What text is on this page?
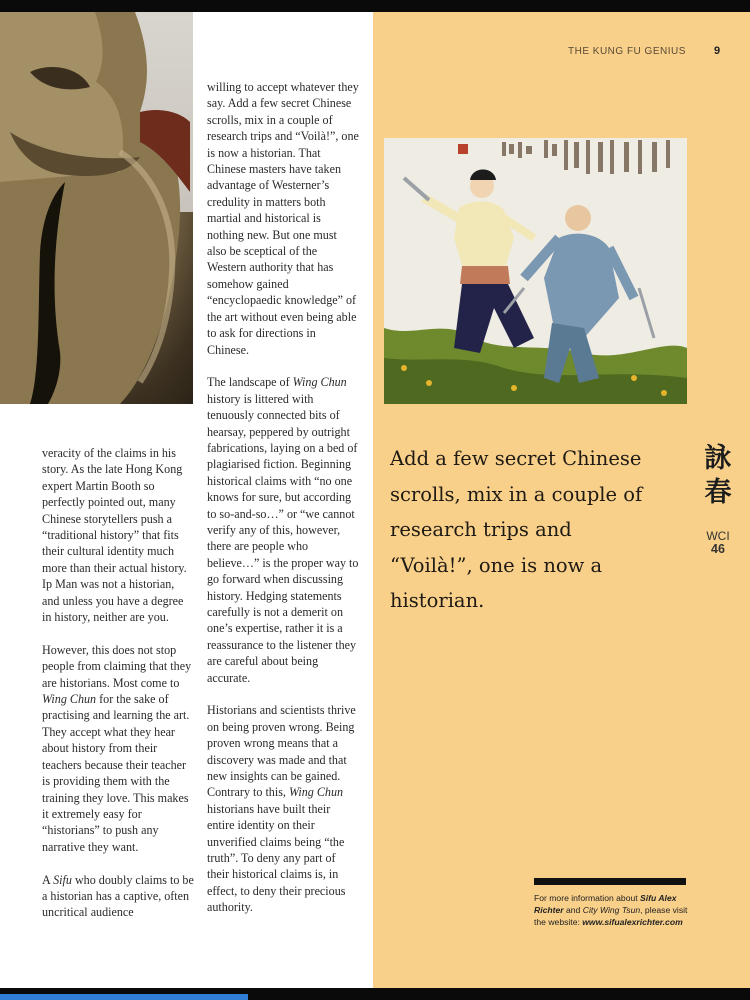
veracity of the claims in his story. As the late Hong Kong expert Martin Booth so perfectly pointed out, many Chinese storytellers push a “traditional history” that fits their cultural identity much more than their actual history. Ip Man was not a historian, and unless you have a degree in history, neither are you.

However, this does not stop people from claiming that they are historians. Most come to Wing Chun for the sake of practising and learning the art. They accept what they hear about history from their teachers because their teacher is providing them with the training they love. This makes it extremely easy for “historians” to push any narrative they want.

A Sifu who doubly claims to be a historian has a captive, often uncritical audience

willing to accept whatever they say. Add a few secret Chinese scrolls, mix in a couple of research trips and “Voilà!”, one is now a historian. That Chinese masters have taken advantage of Westerner’s credulity in matters both martial and historical is nothing new. But one must also be sceptical of the Western authority that has somehow gained “encyclopaedic knowledge” of the art without even being able to ask for directions in Chinese.

The landscape of Wing Chun history is littered with tenuously connected bits of hearsay, peppered by outright fabrications, laying on a bed of plagiarised fiction. Beginning historical claims with “no one knows for sure, but according to so-and-so…” or “we cannot verify any of this, however, there are people who believe…” is the proper way to go forward when discussing history. Hedging statements carefully is not a demerit on one’s expertise, rather it is a reassurance to the listener they are careful about being accurate.

Historians and scientists thrive on being proven wrong. Being proven wrong means that a discovery was made and that new insights can be gained. Contrary to this, Wing Chun historians have built their entire identity on their unverified claims being “the truth”. To deny any part of their historical claims is, in effect, to deny their precious authority.

THE KUNG FU GENIUS	9
Add a few secret Chinese scrolls, mix in a couple of research trips and “Voilà!”, one is now a historian.
詠
春
WCI
46
For more information about Sifu Alex Richter and City Wing Tsun, please visit the website: www.sifualexrichter.com
